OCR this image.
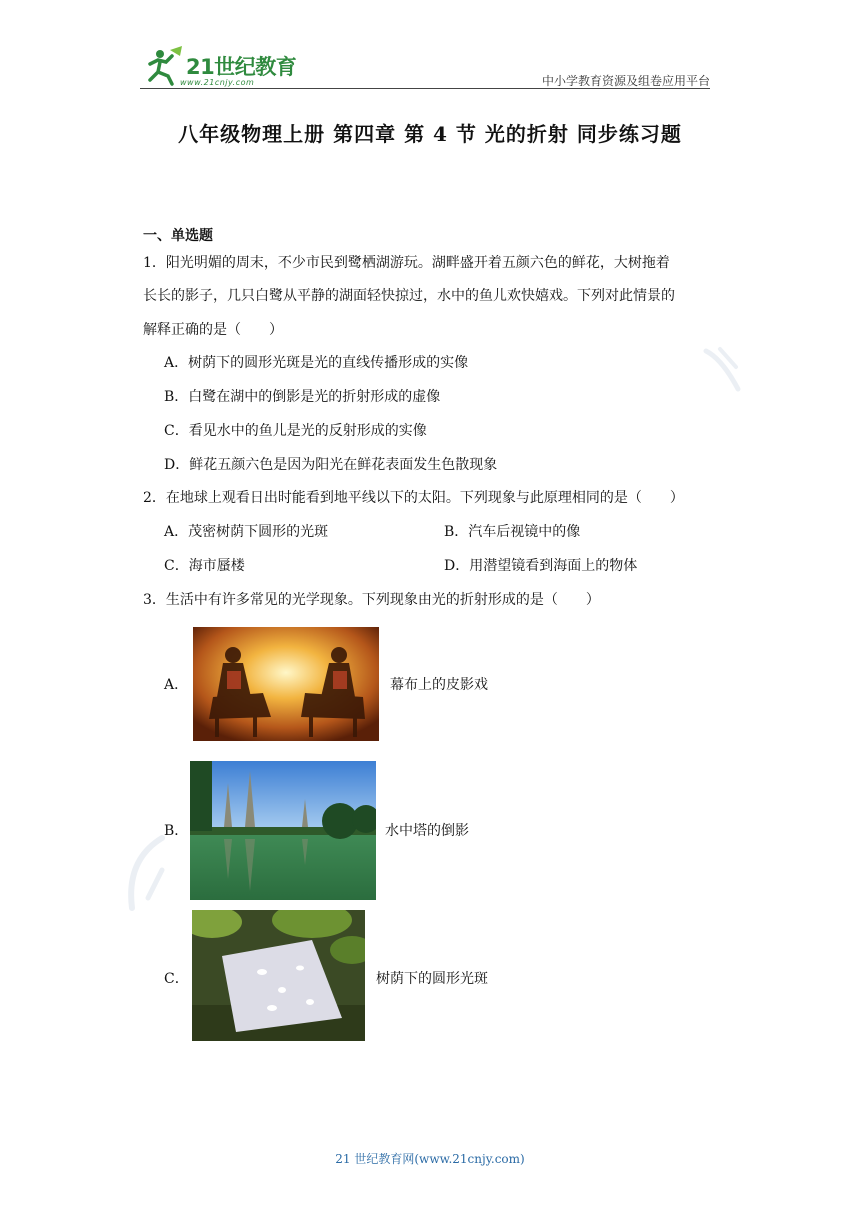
21世纪教育
www.21cnjy.com	中小学教育资源及组卷应用平台
八年级物理上册 第四章 第 4 节 光的折射 同步练习题
一、单选题
1．阳光明媚的周末，不少市民到鹭栖湖游玩。湖畔盛开着五颜六色的鲜花，大树拖着
长长的影子，几只白鹭从平静的湖面轻快掠过，水中的鱼儿欢快嬉戏。下列对此情景的
解释正确的是（　　）
A．树荫下的圆形光斑是光的直线传播形成的实像
B．白鹭在湖中的倒影是光的折射形成的虚像
C．看见水中的鱼儿是光的反射形成的实像
D．鲜花五颜六色是因为阳光在鲜花表面发生色散现象
2．在地球上观看日出时能看到地平线以下的太阳。下列现象与此原理相同的是（　　）
A．茂密树荫下圆形的光斑	B．汽车后视镜中的像
C．海市蜃楼	D．用潜望镜看到海面上的物体
3．生活中有许多常见的光学现象。下列现象由光的折射形成的是（　　）
A．	幕布上的皮影戏
B．	水中塔的倒影
C．	树荫下的圆形光斑
21 世纪教育网(www.21cnjy.com)
